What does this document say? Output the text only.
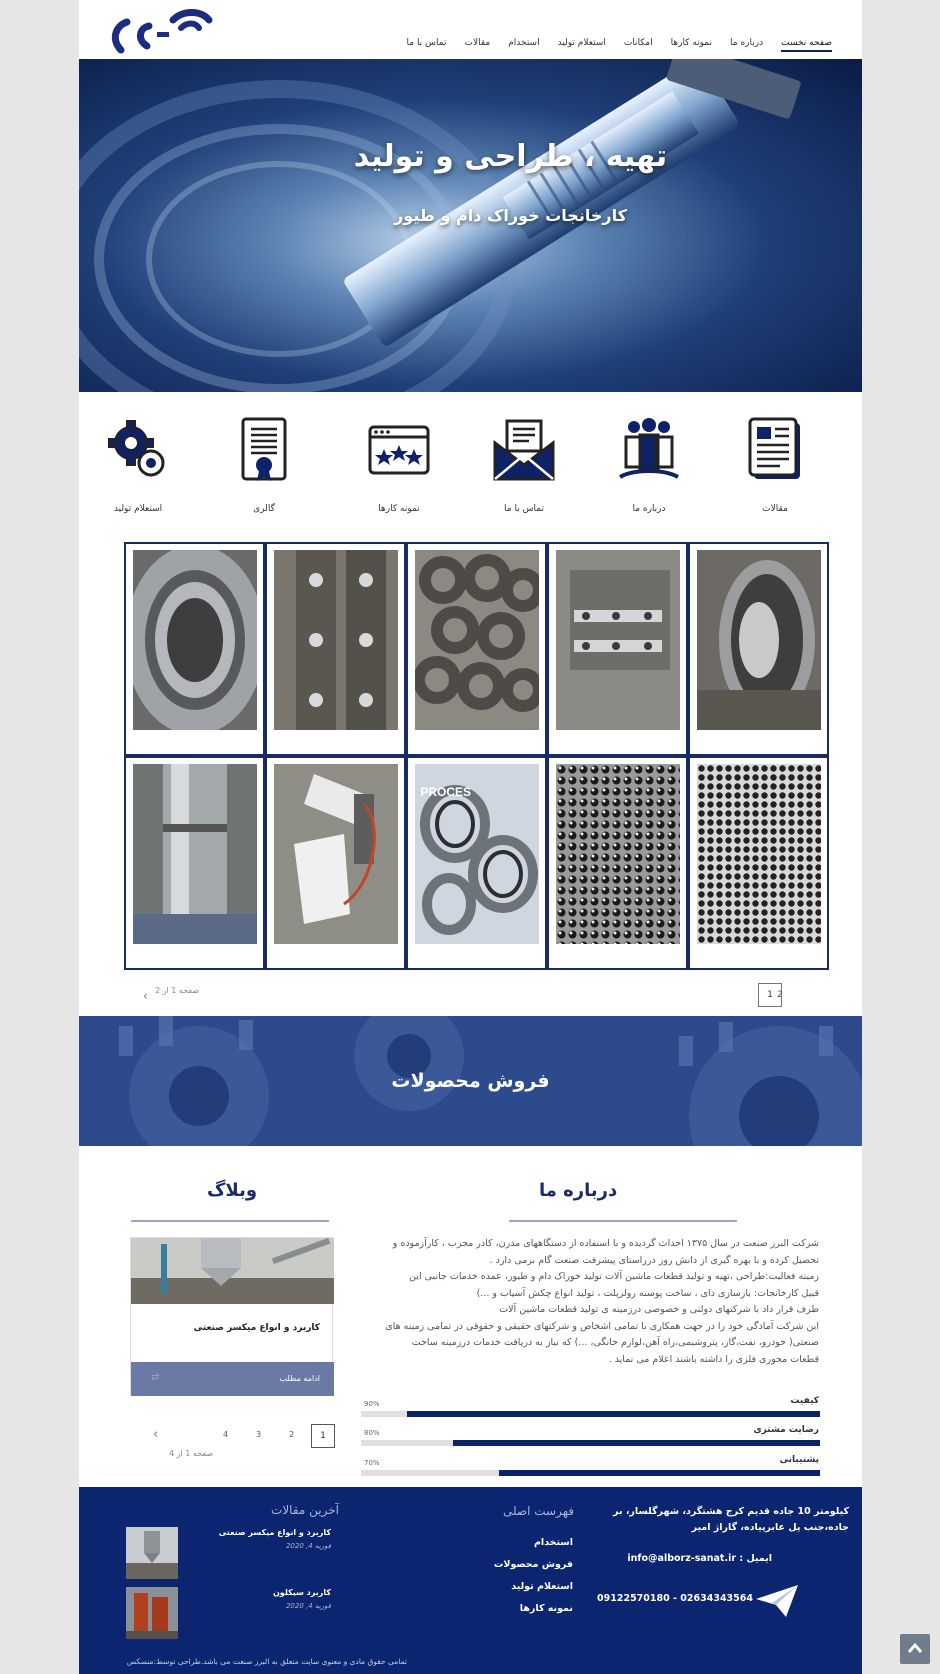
صفحه نخست
درباره ما
نمونه کارها
امکانات
استعلام تولید
استخدام
مقالات
تماس با ما
تهیه ، طراحی و تولید
کارخانجات خوراک دام و طیور
مقالات
درباره ما
تماس با ما
نمونه کارها
گالری
استعلام تولید
PROCES
1 2
صفحه 1 از 2
‹
فروش محصولات
درباره ما
شرکت البرز صنعت در سال ۱۳۷۵ احداث گردیده و با استفاده از دستگاههای مدرن، کادر مجرب ، کارآزموده و
تحصیل کرده و با بهره گیری از دانش روز درراستای پیشرفت صنعت گام برمی دارد .
زمینه فعالیت:طراحی ،تهیه و تولید قطعات ماشین آلات تولید خوراک دام و طیور، عمده خدمات جانبی این
قبیل کارخانجات: بازسازی دای ، ساخت پوسته رولرپلت ، تولید انواع چکش آسیاب و ...)
طرف قرار داد با شرکتهای دولتی و خصوصی درزمینه ی تولید قطعات ماشین آلات
این شرکت آمادگی خود را در جهت همکاری با تمامی اشخاص و شرکتهای حقیقی و حقوقی در تمامی زمینه های
صنعتی( خودرو، نفت،گاز، پتروشیمی،راه آهن،لوازم خانگی، ...) که نیاز به دریافت خدمات درزمینه ساخت
قطعات محوری فلزی را داشته باشند اعلام می نماید .
کیفیت
90%
رضایت مشتری
80%
پشتیبانی
70%
وبلاگ
کاربرد و انواع میکسر صنعتی
ادامه مطلب
⇄
1
2
3
4
‹
صفحه 1 از 4
کیلومتر 10 جاده قدیم کرج هشتگرد، شهرگلسار، بر جاده،جنب پل عابرپیاده، گاراژ امیر
ایمیل : info@alborz-sanat.ir
09122570180 - 02634343564
فهرست اصلی
استخدام
فروش محصولات
استعلام تولید
نمونه کارها
آخرین مقالات
کاربرد و انواع میکسر صنعتی
فوریه 4, 2020
کاربرد سیکلون
فوریه 4, 2020
تمامی حقوق مادی و معنوی سایت متعلق به البرز صنعت می باشد.طراحی توسط:منسکس
